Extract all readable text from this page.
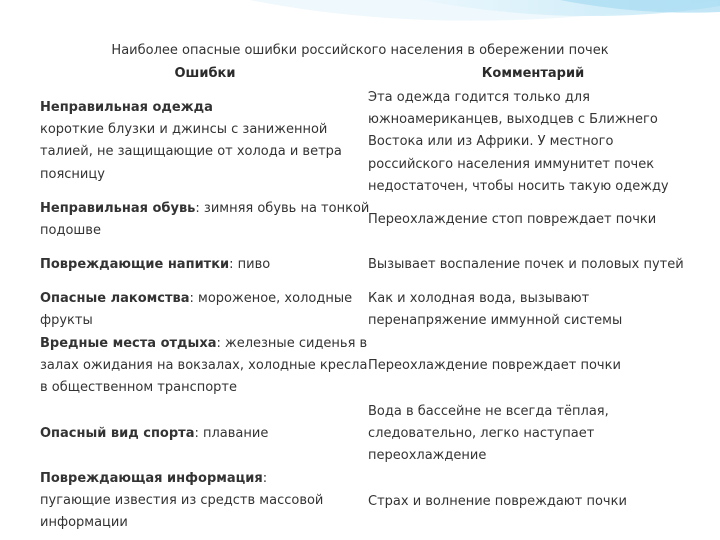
Наиболее опасные ошибки российского населения в обережении почек
Ошибки	Комментарий
Неправильная одежда
короткие блузки и джинсы с заниженной
талией, не защищающие от холода и ветра
поясницу
Эта одежда годится только для
южноамериканцев, выходцев с Ближнего
Востока или из Африки. У местного
российского населения иммунитет почек
недостаточен, чтобы носить такую одежду
Неправильная обувь: зимняя обувь на тонкой
подошве
Переохлаждение стоп повреждает почки
Повреждающие напитки: пиво	Вызывает воспаление почек и половых путей
Опасные лакомства: мороженое, холодные
фрукты
Как и холодная вода, вызывают
перенапряжение иммунной системы
Вредные места отдыха: железные сиденья в
залах ожидания на вокзалах, холодные кресла
в общественном транспорте
Переохлаждение повреждает почки
Опасный вид спорта: плавание
Вода в бассейне не всегда тёплая,
следовательно, легко наступает
переохлаждение
Повреждающая информация:
пугающие известия из средств массовой
информации
Страх и волнение повреждают почки
